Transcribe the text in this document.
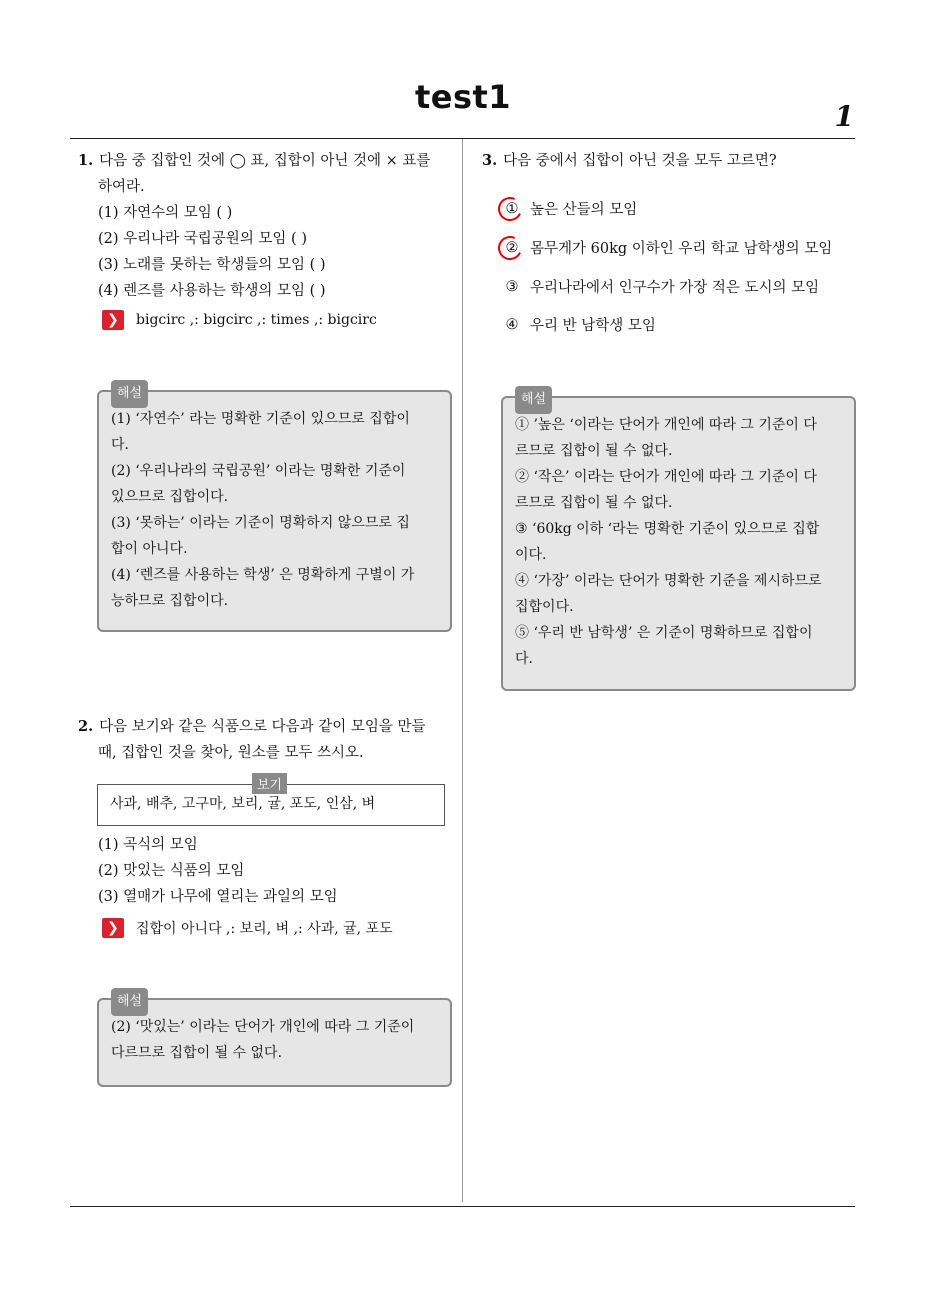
test1
1
1. 다음 중 집합인 것에 ◯ 표, 집합이 아닌 것에 × 표를
하여라.
(1) 자연수의 모임 ( )
(2) 우리나라 국립공원의 모임 ( )
(3) 노래를 못하는 학생들의 모임 ( )
(4) 렌즈를 사용하는 학생의 모임 ( )
❯	bigcirc ,: bigcirc ,: times ,: bigcirc
해설
(1) ‘자연수’ 라는 명확한 기준이 있으므로 집합이
다.
(2) ‘우리나라의 국립공원’ 이라는 명확한 기준이
있으므로 집합이다.
(3) ‘못하는’ 이라는 기준이 명확하지 않으므로 집
합이 아니다.
(4) ‘렌즈를 사용하는 학생’ 은 명확하게 구별이 가
능하므로 집합이다.
2. 다음 보기와 같은 식품으로 다음과 같이 모임을 만들
때, 집합인 것을 찾아, 원소를 모두 쓰시오.
보기
사과, 배추, 고구마, 보리, 귤, 포도, 인삼, 벼
(1) 곡식의 모임
(2) 맛있는 식품의 모임
(3) 열매가 나무에 열리는 과일의 모임
❯	집합이 아니다 ,: 보리, 벼 ,: 사과, 귤, 포도
해설
(2) ‘맛있는’ 이라는 단어가 개인에 따라 그 기준이
다르므로 집합이 될 수 없다.
3. 다음 중에서 집합이 아닌 것을 모두 고르면?
① 높은 산들의 모임
② 몸무게가 60kg 이하인 우리 학교 남학생의 모임
③ 우리나라에서 인구수가 가장 적은 도시의 모임
④ 우리 반 남학생 모임
해설
① ’높은 ‘이라는 단어가 개인에 따라 그 기준이 다
르므로 집합이 될 수 없다.
② ‘작은’ 이라는 단어가 개인에 따라 그 기준이 다
르므로 집합이 될 수 없다.
③ ‘60kg 이하 ‘라는 명확한 기준이 있으므로 집합
이다.
④ ‘가장’ 이라는 단어가 명확한 기준을 제시하므로
집합이다.
⑤ ‘우리 반 남학생’ 은 기준이 명확하므로 집합이
다.
